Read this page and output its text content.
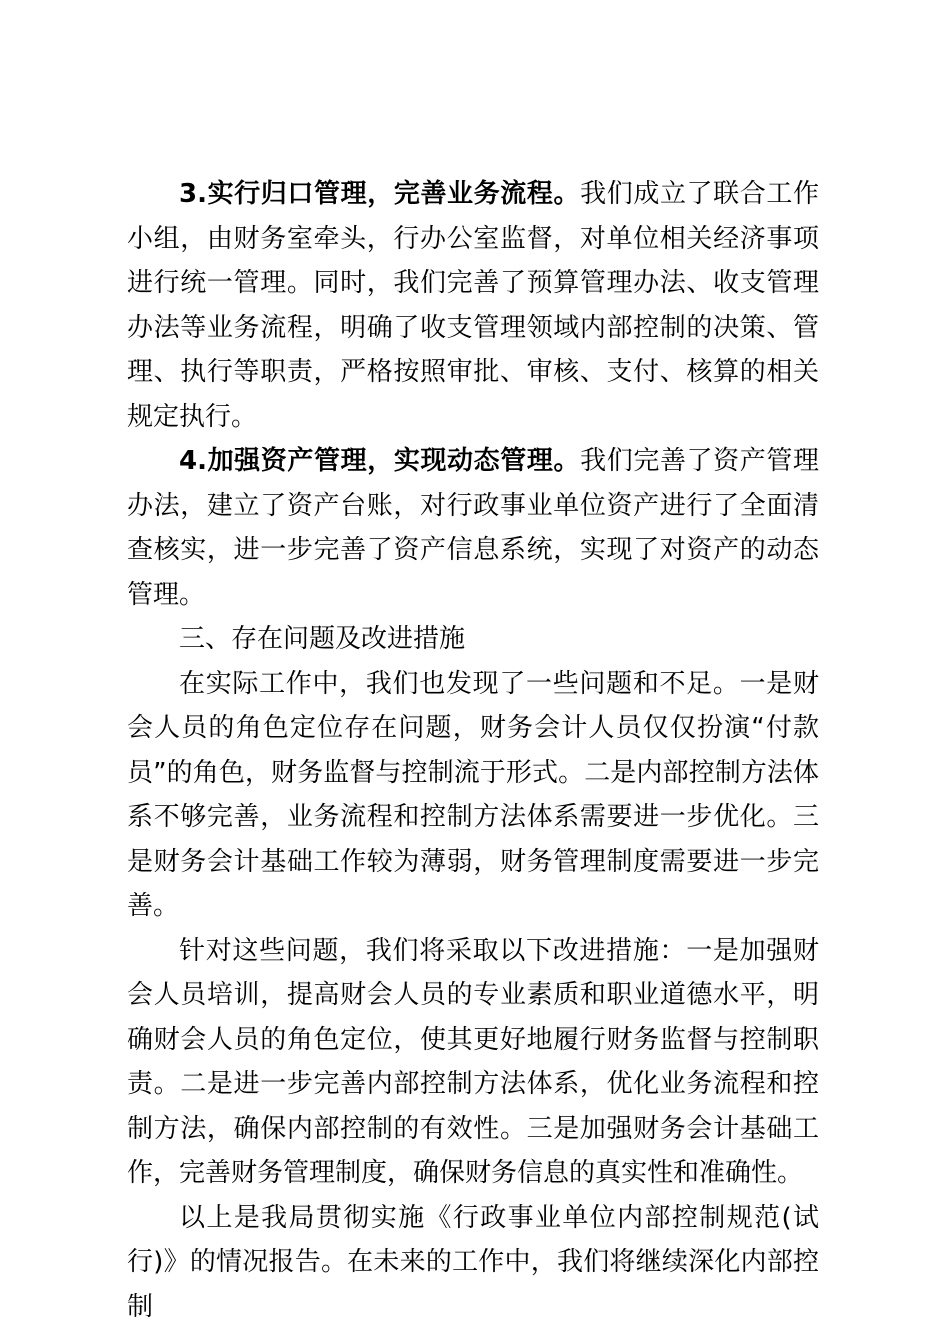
3.实行归口管理，完善业务流程。我们成立了联合工作小组，由财务室牵头，行办公室监督，对单位相关经济事项进行统一管理。同时，我们完善了预算管理办法、收支管理办法等业务流程，明确了收支管理领域内部控制的决策、管理、执行等职责，严格按照审批、审核、支付、核算的相关规定执行。

4.加强资产管理，实现动态管理。我们完善了资产管理办法，建立了资产台账，对行政事业单位资产进行了全面清查核实，进一步完善了资产信息系统，实现了对资产的动态管理。

三、存在问题及改进措施

在实际工作中，我们也发现了一些问题和不足。一是财会人员的角色定位存在问题，财务会计人员仅仅扮演“付款员”的角色，财务监督与控制流于形式。二是内部控制方法体系不够完善，业务流程和控制方法体系需要进一步优化。三是财务会计基础工作较为薄弱，财务管理制度需要进一步完善。

针对这些问题，我们将采取以下改进措施：一是加强财会人员培训，提高财会人员的专业素质和职业道德水平，明确财会人员的角色定位，使其更好地履行财务监督与控制职责。二是进一步完善内部控制方法体系，优化业务流程和控制方法，确保内部控制的有效性。三是加强财务会计基础工作，完善财务管理制度，确保财务信息的真实性和准确性。

以上是我局贯彻实施《行政事业单位内部控制规范(试行)》的情况报告。在未来的工作中，我们将继续深化内部控制
